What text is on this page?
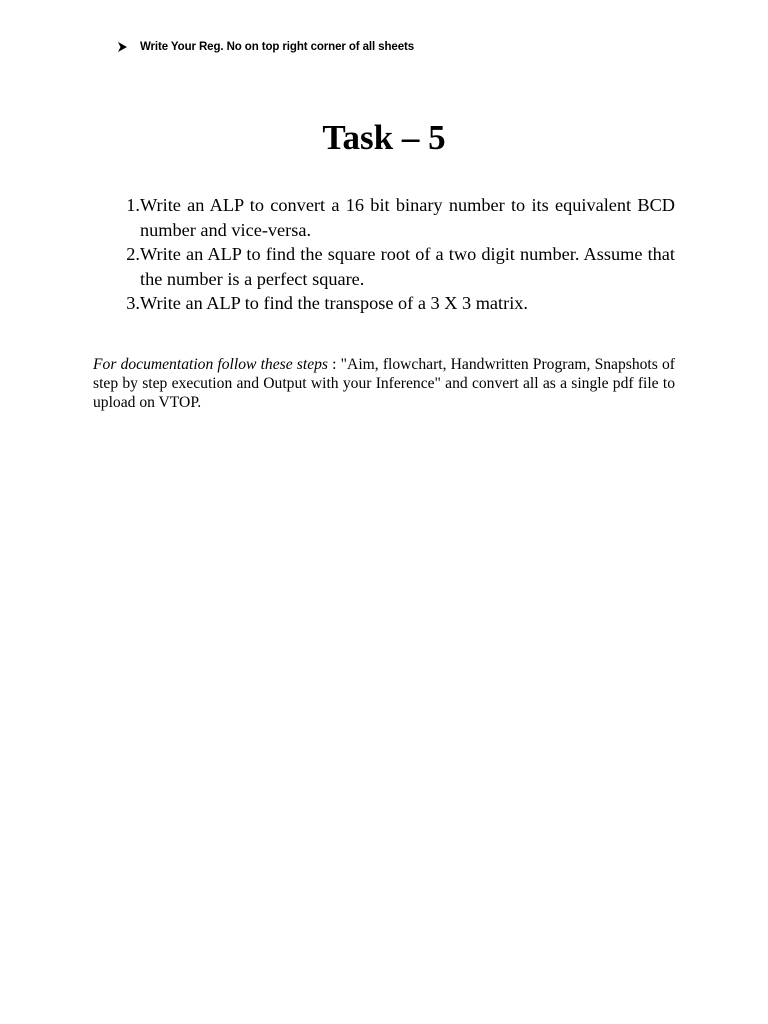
Write Your Reg. No on top right corner of all sheets
Task – 5
1. Write an ALP to convert a 16 bit binary number to its equivalent BCD number and vice-versa.
2. Write an ALP to find the square root of a two digit number. Assume that the number is a perfect square.
3. Write an ALP to find the transpose of a 3 X 3 matrix.

For documentation follow these steps : "Aim, flowchart, Handwritten Program, Snapshots of step by step execution and Output with your Inference" and convert all as a single pdf file to upload on VTOP.
